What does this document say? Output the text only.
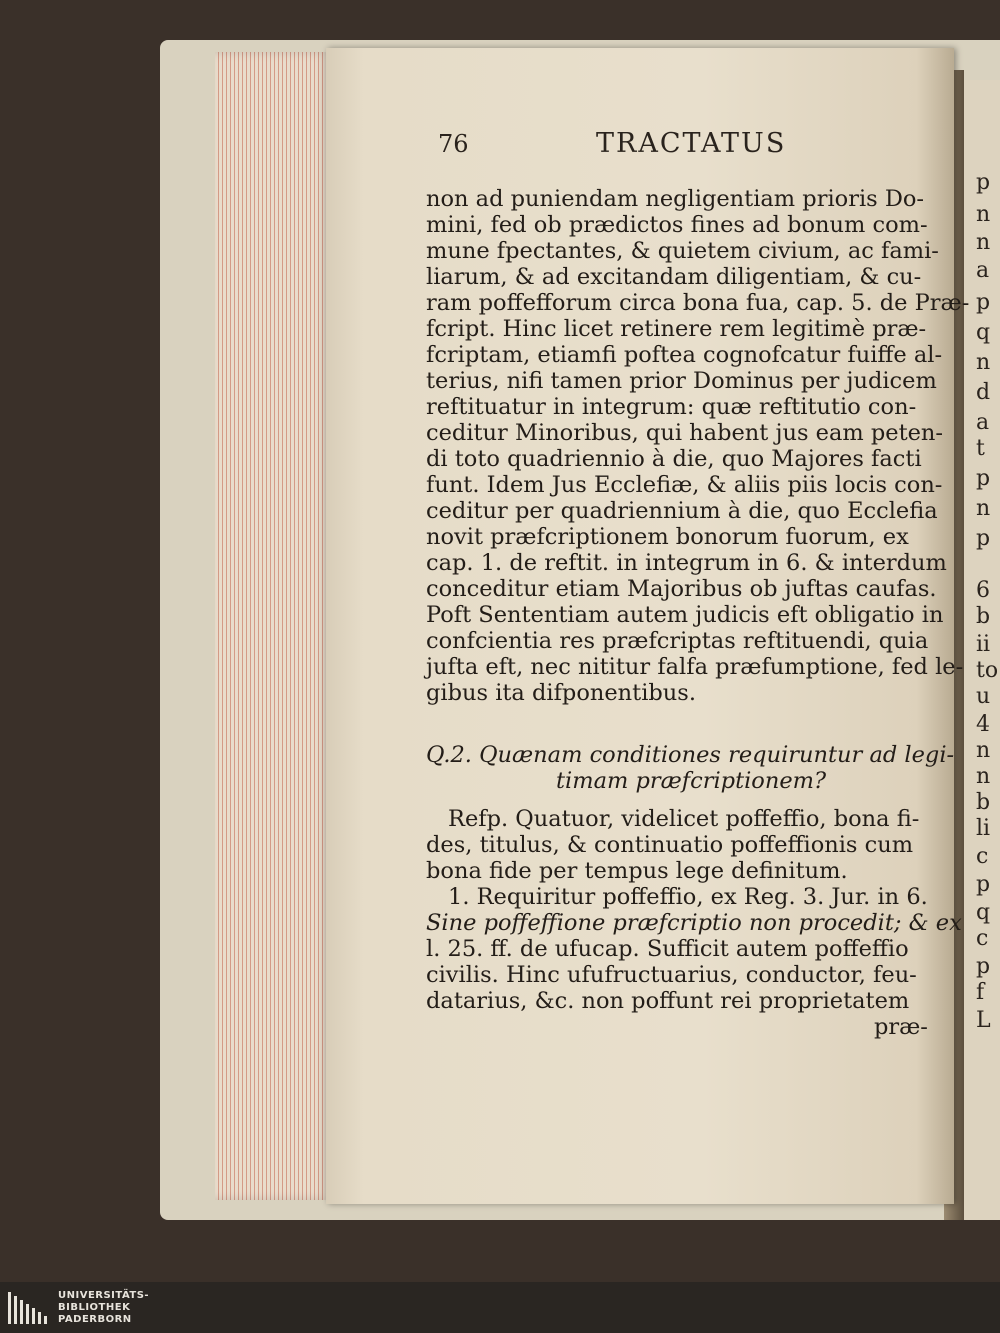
76	TRACTATUS
non ad puniendam negligentiam prioris Do-
mini, fed ob prædictos fines ad bonum com-
mune fpectantes, & quietem civium, ac fami-
liarum, & ad excitandam diligentiam, & cu-
ram poffefforum circa bona fua, cap. 5. de Præ-
fcript. Hinc licet retinere rem legitimè præ-
fcriptam, etiamfi poftea cognofcatur fuiffe al-
terius, nifi tamen prior Dominus per judicem
reftituatur in integrum: quæ reftitutio con-
ceditur Minoribus, qui habent jus eam peten-
di toto quadriennio à die, quo Majores facti
funt. Idem Jus Ecclefiæ, & aliis piis locis con-
ceditur per quadriennium à die, quo Ecclefia
novit præfcriptionem bonorum fuorum, ex
cap. 1. de reftit. in integrum in 6. & interdum
conceditur etiam Majoribus ob juftas caufas.
Poft Sententiam autem judicis eft obligatio in
confcientia res præfcriptas reftituendi, quia
jufta eft, nec nititur falfa præfumptione, fed le-
gibus ita difponentibus.
Q.2. Quænam conditiones requiruntur ad legi-
timam præfcriptionem?
Refp. Quatuor, videlicet poffeffio, bona fi-
des, titulus, & continuatio poffeffionis cum
bona fide per tempus lege definitum.
1. Requiritur poffeffio, ex Reg. 3. Jur. in 6.
Sine poffeffione præfcriptio non procedit; & ex
l. 25. ff. de ufucap. Sufficit autem poffeffio
civilis. Hinc ufufructuarius, conductor, feu-
datarius, &c. non poffunt rei proprietatem
præ-
p
n
n
a
p
q
n
d
a
t
p
n
p
6
b
ii
to
u
4
n
n
b
li
c
p
q
c
p
f
L
UNIVERSITÄTS-
BIBLIOTHEK
PADERBORN
